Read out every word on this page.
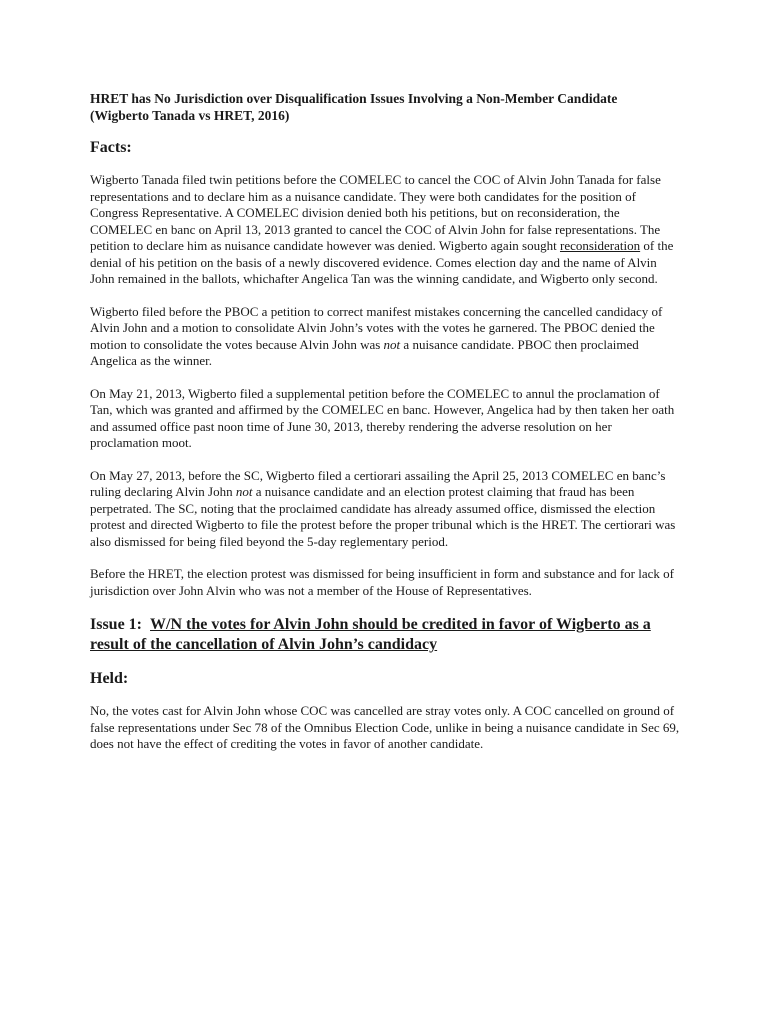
HRET has No Jurisdiction over Disqualification Issues Involving a Non-Member Candidate
(Wigberto Tanada vs HRET, 2016)
Facts:

Wigberto Tanada filed twin petitions before the COMELEC to cancel the COC of Alvin John Tanada for false representations and to declare him as a nuisance candidate. They were both candidates for the position of Congress Representative. A COMELEC division denied both his petitions, but on reconsideration, the COMELEC en banc on April 13, 2013 granted to cancel the COC of Alvin John for false representations. The petition to declare him as nuisance candidate however was denied. Wigberto again sought reconsideration of the denial of his petition on the basis of a newly discovered evidence. Comes election day and the name of Alvin John remained in the ballots, whichafter Angelica Tan was the winning candidate, and Wigberto only second.

Wigberto filed before the PBOC a petition to correct manifest mistakes concerning the cancelled candidacy of Alvin John and a motion to consolidate Alvin John’s votes with the votes he garnered. The PBOC denied the motion to consolidate the votes because Alvin John was not a nuisance candidate. PBOC then proclaimed Angelica as the winner.

On May 21, 2013, Wigberto filed a supplemental petition before the COMELEC to annul the proclamation of Tan, which was granted and affirmed by the COMELEC en banc. However, Angelica had by then taken her oath and assumed office past noon time of June 30, 2013, thereby rendering the adverse resolution on her proclamation moot.

On May 27, 2013, before the SC, Wigberto filed a certiorari assailing the April 25, 2013 COMELEC en banc’s ruling declaring Alvin John not a nuisance candidate and an election protest claiming that fraud has been perpetrated. The SC, noting that the proclaimed candidate has already assumed office, dismissed the election protest and directed Wigberto to file the protest before the proper tribunal which is the HRET. The certiorari was also dismissed for being filed beyond the 5-day reglementary period.

Before the HRET, the election protest was dismissed for being insufficient in form and substance and for lack of jurisdiction over John Alvin who was not a member of the House of Representatives.

Issue 1: W/N the votes for Alvin John should be credited in favor of Wigberto as a result of the cancellation of Alvin John’s candidacy
Held:

No, the votes cast for Alvin John whose COC was cancelled are stray votes only. A COC cancelled on ground of false representations under Sec 78 of the Omnibus Election Code, unlike in being a nuisance candidate in Sec 69, does not have the effect of crediting the votes in favor of another candidate.
